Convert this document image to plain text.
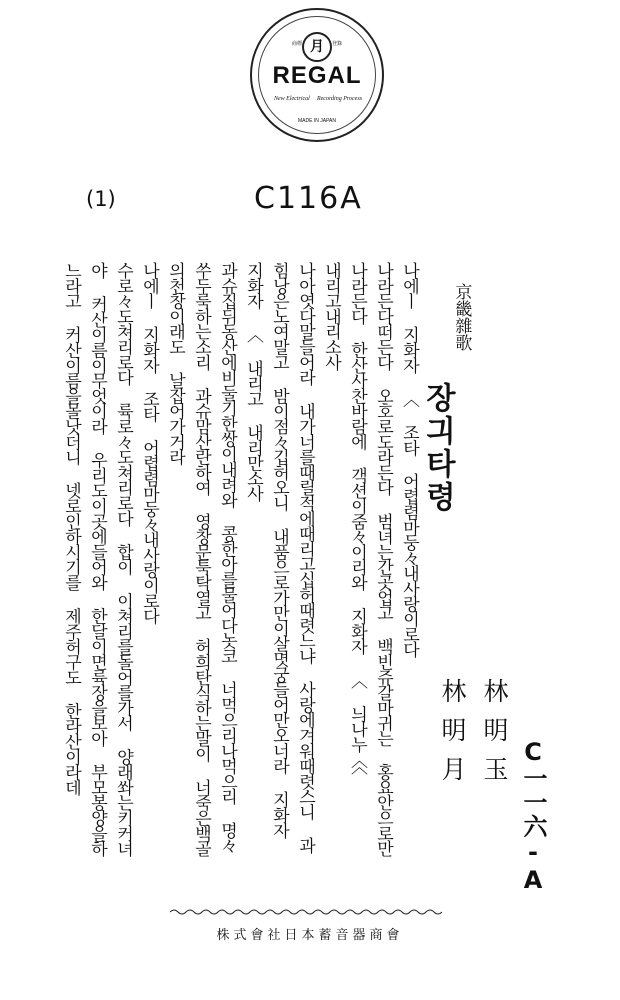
商標	登錄
月
REGAL
New Electrical Recording Process
MADE IN JAPAN
(1)	C116A
京畿雜歌
장긔타령
林明玉
林明月
C一一六-A
나에ㅣ 지화자 〈 조타 어렵렴마둥々내사랑이로다
나라든다떠든다 오호로도라든다 범녀는간곳업고 백빈쥬갈마귀는 홍요안으로만
나라든다 한산사찬바람에 객션이줌々이리와 지화자 〈 늬나누〈〈
내리고내리소사
나아엿다말들어라 내가너를때릴적에때리고십허때렷느냐 사랑에겨워때렷스니 과
힘낭은노여말고 밤이점々깁허오니 내품으로가만이살몃궁들어만오너라 지화자
지화자 〈 내리고 내리만소사
과슈집뒤동산에비둘기한쌍이내려와 콩한아를물어다놋코 너먹으리나먹으리 명々
쑤두룩하는소리 과슈맘산란하여 영창문툭탁열고 허희탄식하는말이 너죽은백골
의천창이래도 날잡어가거라
나에ㅣ 지화자 조타 어렵렴마둥々내사랑이로다
수로々도쳐리로다 륙로々도쳐리로다 합이 이쳐리를돌어를가서 양래쏴는키커녀
야 커산이름이무엇이라 우리도이곳에들어와 한달이면륙장을보아 부모봉양을하
느라고 커산이름을몰낫더니 넷로인하시기를 제주허구도 한라산이라데
株式會社日本蓄音器商會
